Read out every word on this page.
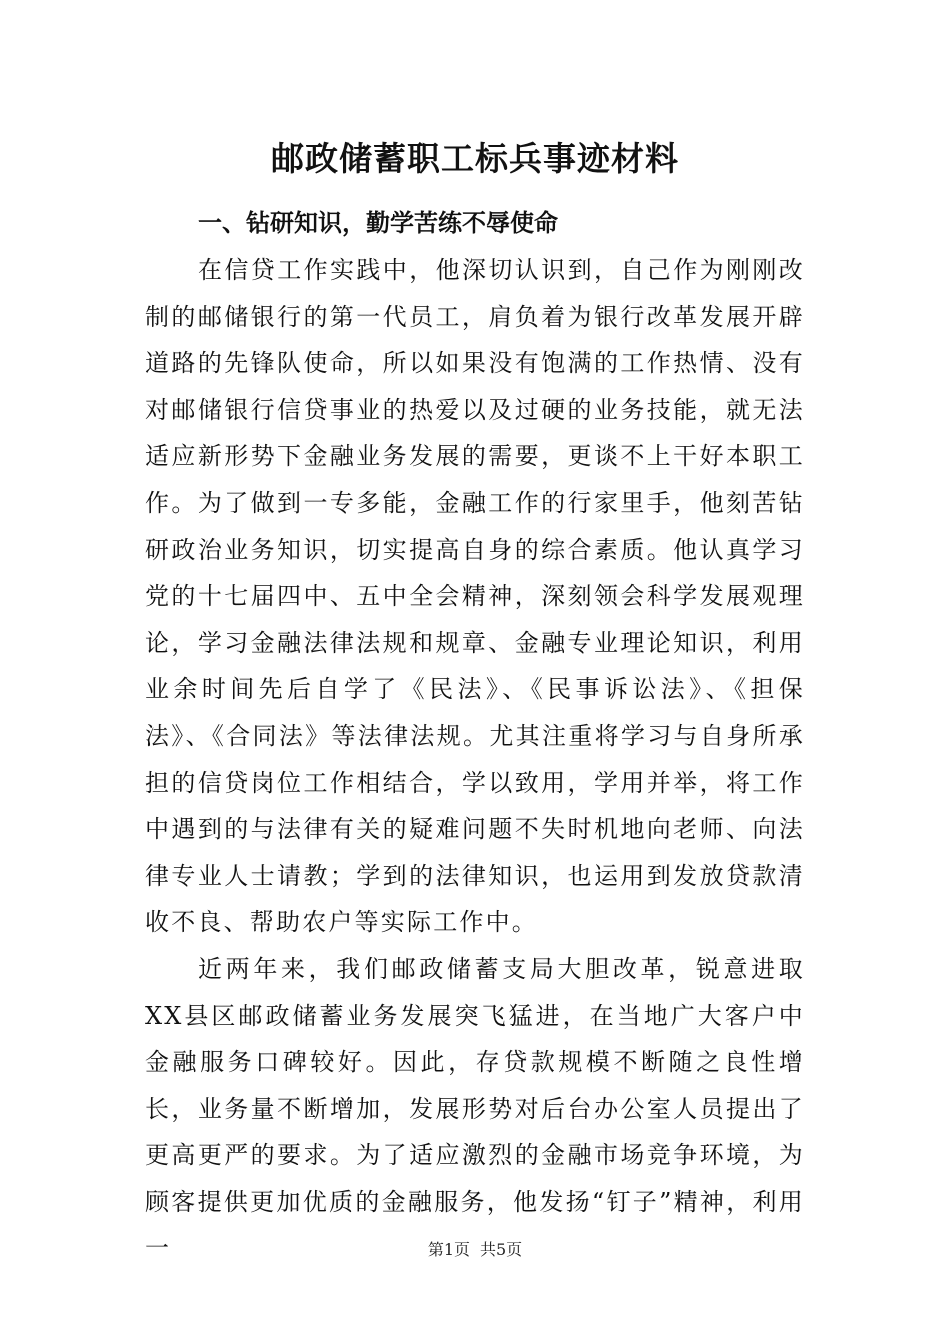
邮政储蓄职工标兵事迹材料
一、钻研知识，勤学苦练不辱使命

在信贷工作实践中，他深切认识到，自己作为刚刚改制的邮储银行的第一代员工，肩负着为银行改革发展开辟道路的先锋队使命，所以如果没有饱满的工作热情、没有对邮储银行信贷事业的热爱以及过硬的业务技能，就无法适应新形势下金融业务发展的需要，更谈不上干好本职工作。为了做到一专多能，金融工作的行家里手，他刻苦钻研政治业务知识，切实提高自身的综合素质。他认真学习党的十七届四中、五中全会精神，深刻领会科学发展观理论，学习金融法律法规和规章、金融专业理论知识，利用业余时间先后自学了《民法》、《民事诉讼法》、《担保法》、《合同法》等法律法规。尤其注重将学习与自身所承担的信贷岗位工作相结合，学以致用，学用并举，将工作中遇到的与法律有关的疑难问题不失时机地向老师、向法律专业人士请教；学到的法律知识，也运用到发放贷款清收不良、帮助农户等实际工作中。

近两年来，我们邮政储蓄支局大胆改革，锐意进取XX县区邮政储蓄业务发展突飞猛进，在当地广大客户中金融服务口碑较好。因此，存贷款规模不断随之良性增长，业务量不断增加，发展形势对后台办公室人员提出了更高更严的要求。为了适应激烈的金融市场竞争环境，为顾客提供更加优质的金融服务，他发扬“钉子”精神，利用一	第1页 共5页
